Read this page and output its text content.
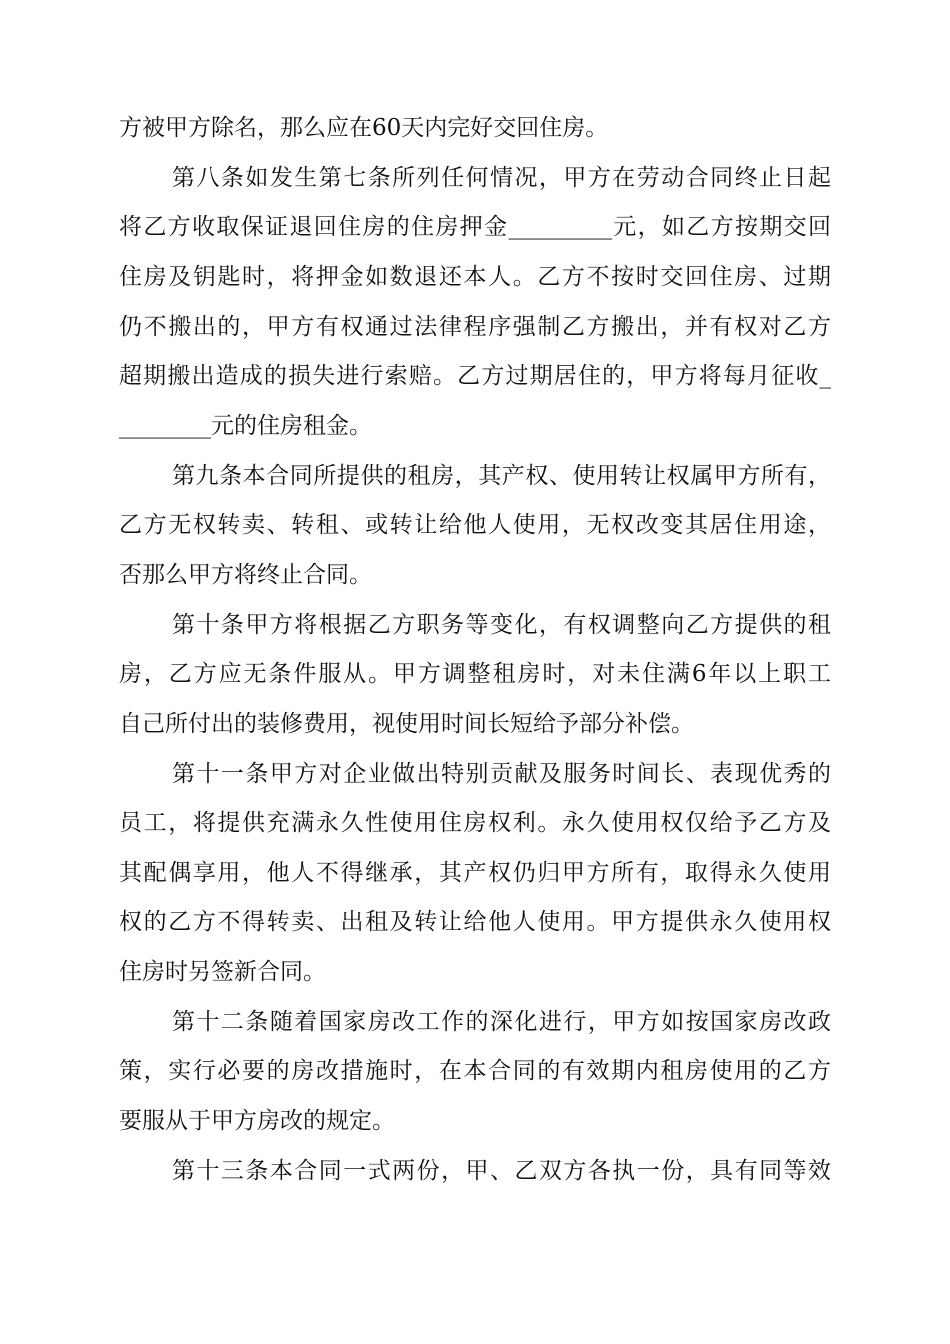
方被甲方除名，那么应在60天内完好交回住房。
第八条如发生第七条所列任何情况，甲方在劳动合同终止日起
将乙方收取保证退回住房的住房押金_________元，如乙方按期交回
住房及钥匙时，将押金如数退还本人。乙方不按时交回住房、过期
仍不搬出的，甲方有权通过法律程序强制乙方搬出，并有权对乙方
超期搬出造成的损失进行索赔。乙方过期居住的，甲方将每月征收_
________元的住房租金。
第九条本合同所提供的租房，其产权、使用转让权属甲方所有，
乙方无权转卖、转租、或转让给他人使用，无权改变其居住用途，
否那么甲方将终止合同。
第十条甲方将根据乙方职务等变化，有权调整向乙方提供的租
房，乙方应无条件服从。甲方调整租房时，对未住满6年以上职工
自己所付出的装修费用，视使用时间长短给予部分补偿。
第十一条甲方对企业做出特别贡献及服务时间长、表现优秀的
员工，将提供充满永久性使用住房权利。永久使用权仅给予乙方及
其配偶享用，他人不得继承，其产权仍归甲方所有，取得永久使用
权的乙方不得转卖、出租及转让给他人使用。甲方提供永久使用权
住房时另签新合同。
第十二条随着国家房改工作的深化进行，甲方如按国家房改政
策，实行必要的房改措施时，在本合同的有效期内租房使用的乙方
要服从于甲方房改的规定。
第十三条本合同一式两份，甲、乙双方各执一份，具有同等效
